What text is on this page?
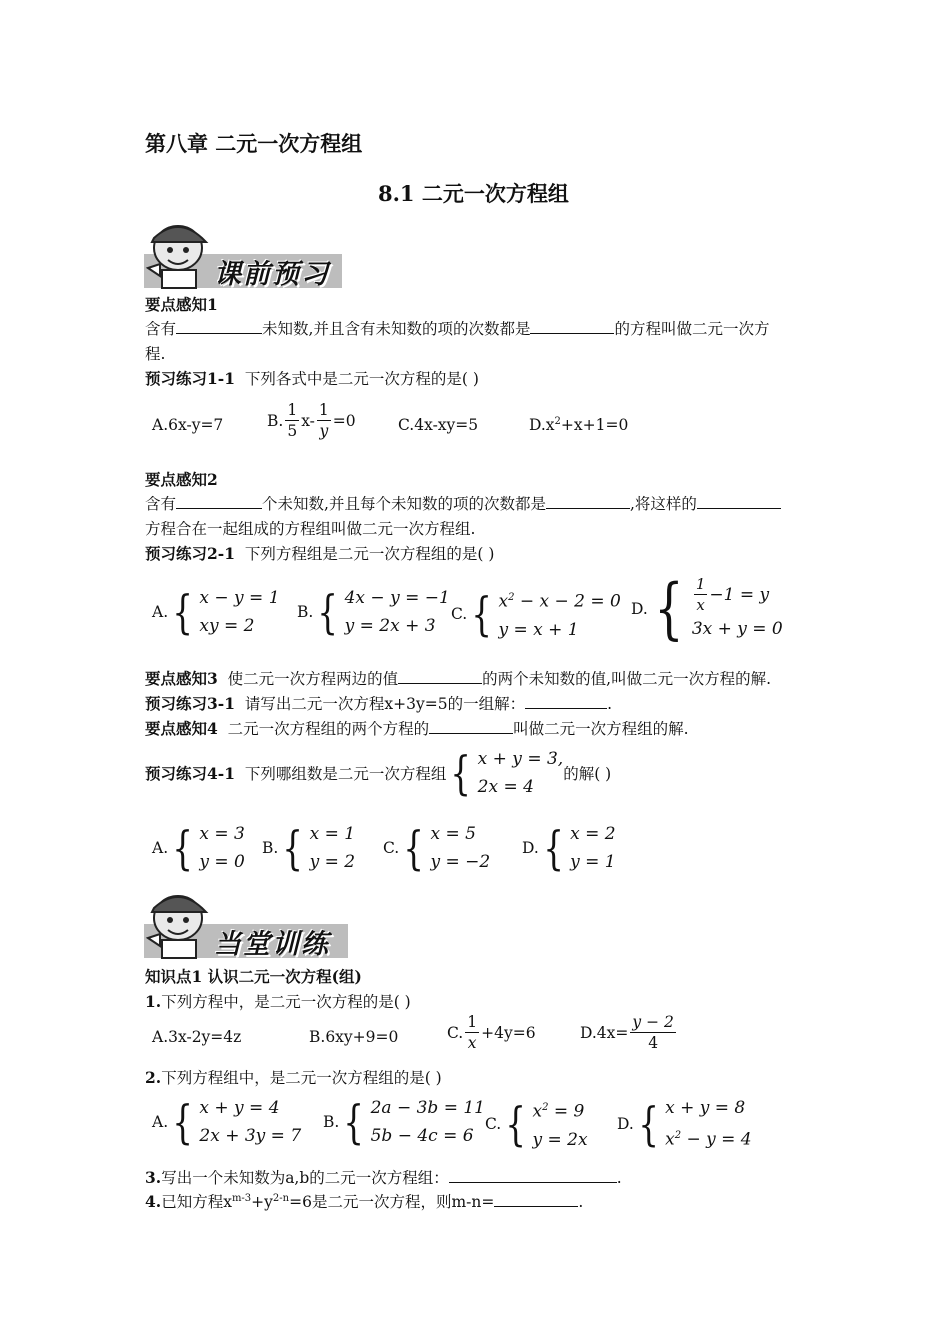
第八章 二元一次方程组
8.1 二元一次方程组
课前预习
要点感知1
含有	未知数,并且含有未知数的项的次数都是	的方程叫做二元一次方
程.
预习练习1-1 下列各式中是二元一次方程的是( )
A.6x-y=7	B. $\frac{1}{5} x- \frac{1}{y} =0$	C.4x-xy=5	$D.x^2+x+1=0$
要点感知2
含有	个未知数,并且每个未知数的项的次数都是	,将这样的
方程合在一起组成的方程组叫做二元一次方程组.
预习练习2-1 下列方程组是二元一次方程组的是( )
A. { x − y = 1
xy = 2
B. { 4x − y = −1
y = 2x + 3
C. { $x^2 - x - 2 = 0$
y = x + 1
D. { $\frac{1}{x} -1 = y$
3x + y = 0
要点感知3 使二元一次方程两边的值	的两个未知数的值,叫做二元一次方程的解.
预习练习3-1 请写出二元一次方程x+3y=5的一组解：	.
要点感知4 二元一次方程组的两个方程的	叫做二元一次方程组的解.
预习练习4-1
下列哪组数是二元一次方程组 { x + y = 3,
2x = 4
的解( )
A. { x = 3
y = 0
B. { x = 1
y = 2
C. { x = 5
y = −2
D. { x = 2
y = 1
当堂训练
知识点1 认识二元一次方程(组)
1.下列方程中，是二元一次方程的是( )
A.3x-2y=4z	B.6xy+9=0	C. $\frac{1}{x} +4y=6$	$D.4x= \frac{y - 2}{4}$
2.下列方程组中，是二元一次方程组的是( )
A. { x + y = 4
2x + 3y = 7
B. { 2a − 3b = 11
5b − 4c = 6
C. { $x^2 = 9$
y = 2x
D. { x + y = 8
$x^2 - y = 4$
3.写出一个未知数为a,b的二元一次方程组：	.
4.已知方程$x^{m-3}+y^{2-n}=6$是二元一次方程，则m-n=	.
